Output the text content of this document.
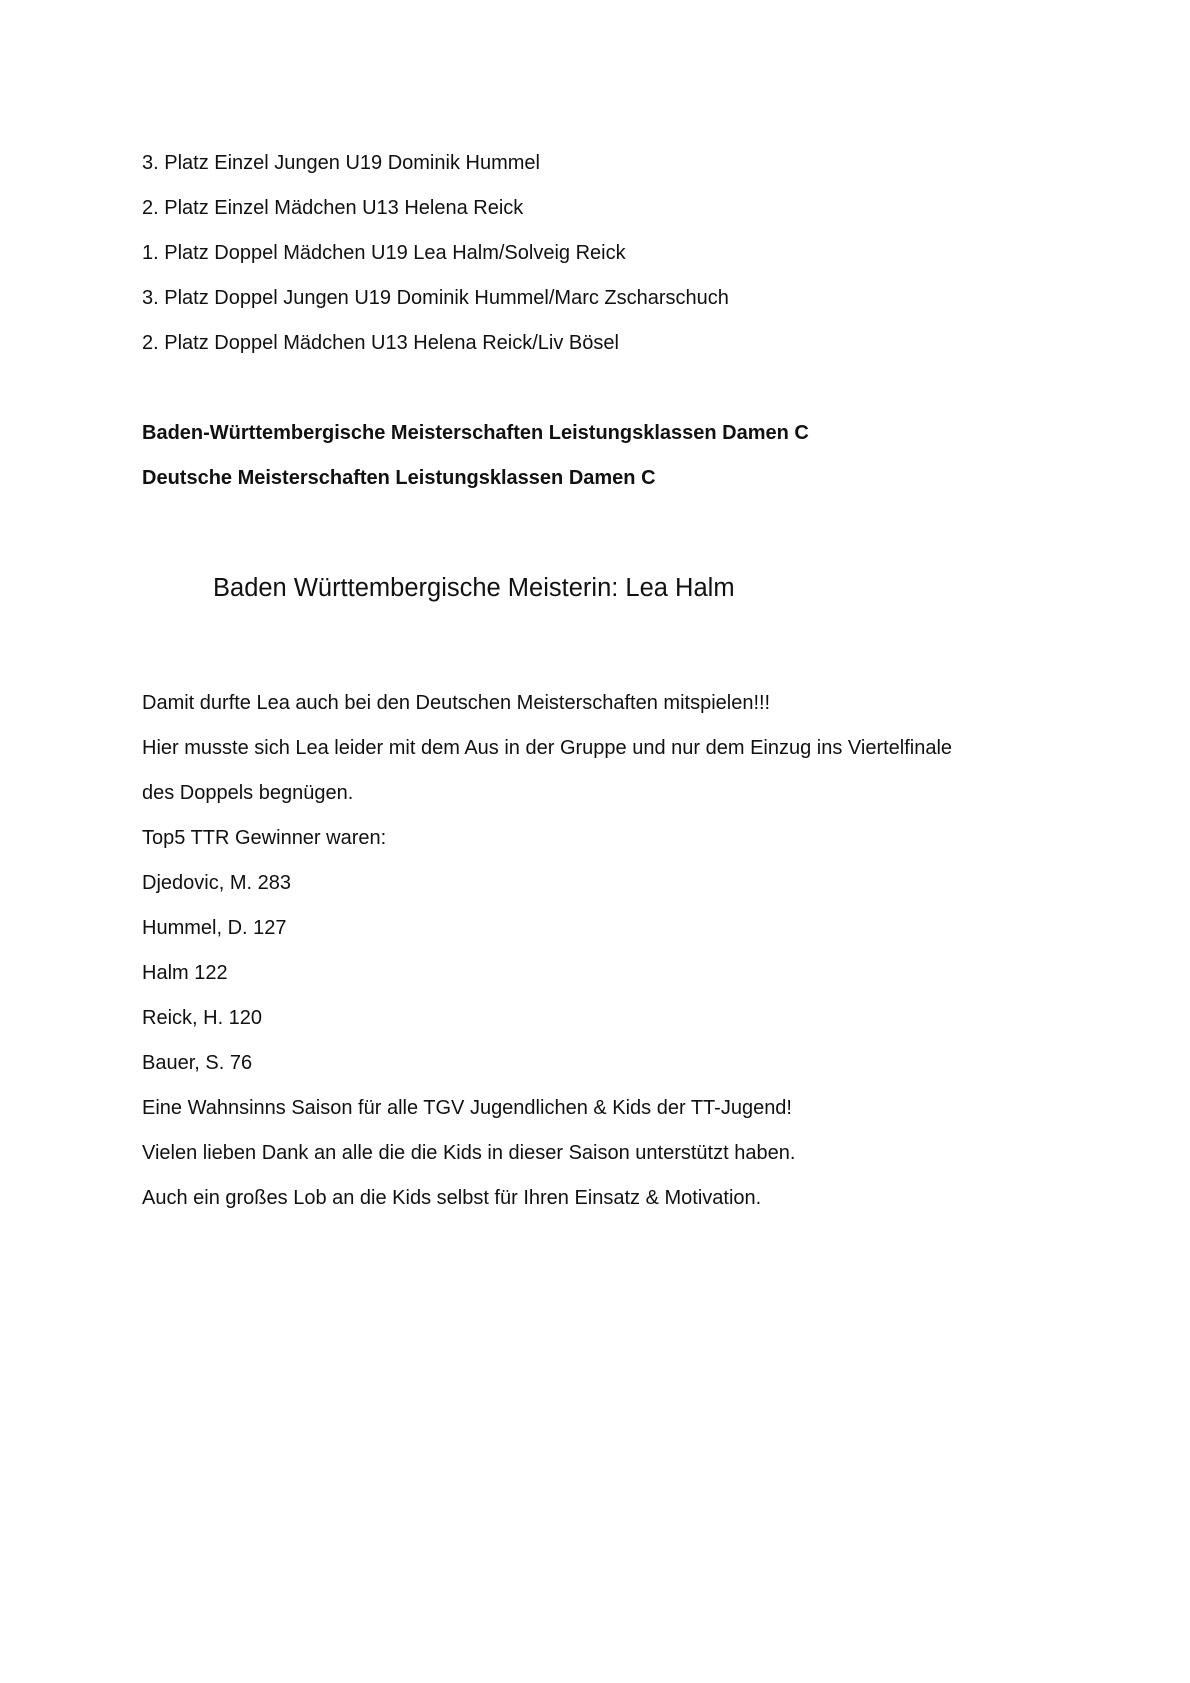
3. Platz Einzel Jungen U19 Dominik Hummel
2. Platz Einzel Mädchen U13 Helena Reick
1. Platz Doppel Mädchen U19 Lea Halm/Solveig Reick
3. Platz Doppel Jungen U19 Dominik Hummel/Marc Zscharschuch
2. Platz Doppel Mädchen U13 Helena Reick/Liv Bösel
Baden-Württembergische Meisterschaften Leistungsklassen Damen C
Deutsche Meisterschaften Leistungsklassen Damen C
Baden Württembergische Meisterin: Lea Halm
Damit durfte Lea auch bei den Deutschen Meisterschaften mitspielen!!!
Hier musste sich Lea leider mit dem Aus in der Gruppe und nur dem Einzug ins Viertelfinale
des Doppels begnügen.
Top5 TTR Gewinner waren:
Djedovic, M. 283
Hummel, D. 127
Halm 122
Reick, H. 120
Bauer, S. 76
Eine Wahnsinns Saison für alle TGV Jugendlichen & Kids der TT-Jugend!
Vielen lieben Dank an alle die die Kids in dieser Saison unterstützt haben.
Auch ein großes Lob an die Kids selbst für Ihren Einsatz & Motivation.
